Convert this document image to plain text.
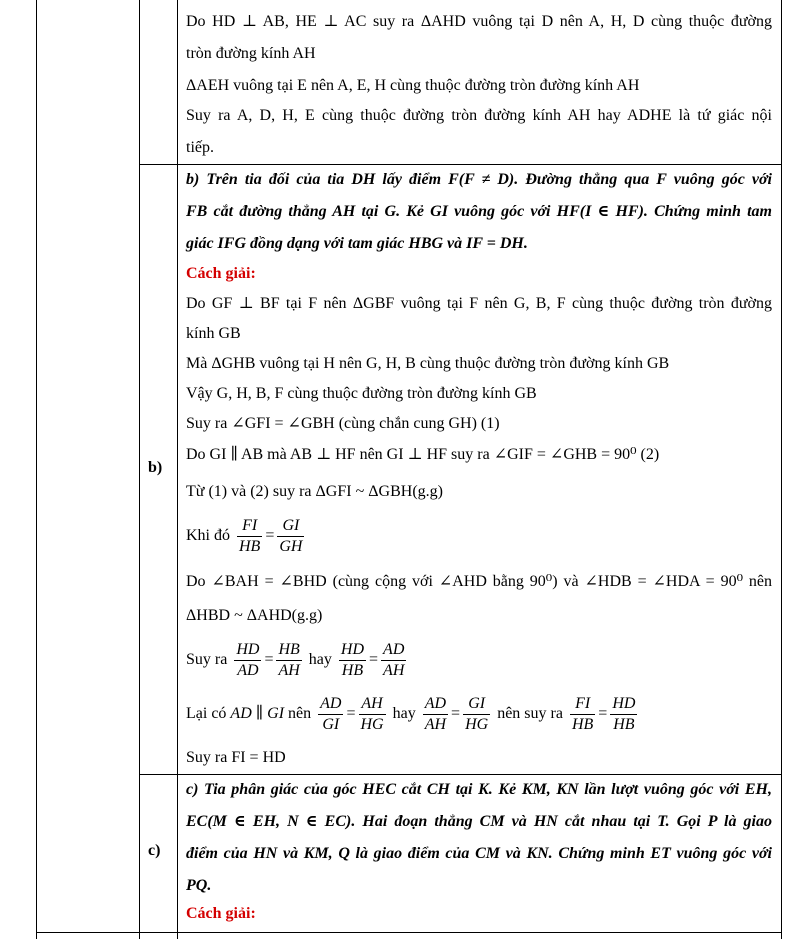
Do HD ⊥ AB, HE ⊥ AC suy ra ΔAHD vuông tại D nên A, H, D cùng thuộc đường
tròn đường kính AH
ΔAEH vuông tại E nên A, E, H cùng thuộc đường tròn đường kính AH
Suy ra A, D, H, E cùng thuộc đường tròn đường kính AH hay ADHE là tứ giác nội
tiếp.
b)
b) Trên tia đối của tia DH lấy điểm F(F ≠ D). Đường thẳng qua F vuông góc với
FB cắt đường thẳng AH tại G. Kẻ GI vuông góc với HF(I ∈ HF). Chứng minh tam
giác IFG đồng dạng với tam giác HBG và IF = DH.
Cách giải:
Do GF ⊥ BF tại F nên ΔGBF vuông tại F nên G, B, F cùng thuộc đường tròn đường
kính GB
Mà ΔGHB vuông tại H nên G, H, B cùng thuộc đường tròn đường kính GB
Vậy G, H, B, F cùng thuộc đường tròn đường kính GB
Suy ra ∠GFI = ∠GBH (cùng chắn cung GH) (1)
Do GI ∥ AB mà AB ⊥ HF nên GI ⊥ HF suy ra ∠GIF = ∠GHB = 90⁰ (2)
Từ (1) và (2) suy ra ΔGFI ~ ΔGBH(g.g)
Khi đó $\frac{FI}{HB} = \frac{GI}{GH}$
Do ∠BAH = ∠BHD (cùng cộng với ∠AHD bằng 90⁰) và ∠HDB = ∠HDA = 90⁰ nên
ΔHBD ~ ΔAHD(g.g)
Suy ra $\frac{HD}{AD} = \frac{HB}{AH}$ hay $\frac{HD}{HB} = \frac{AD}{AH}$
Lại có AD ∥ GI nên $\frac{AD}{GI} = \frac{AH}{HG}$ hay $\frac{AD}{AH} = \frac{GI}{HG}$ nên suy ra $\frac{FI}{HB} = \frac{HD}{HB}$
Suy ra FI = HD
c)
c) Tia phân giác của góc HEC cắt CH tại K. Kẻ KM, KN lần lượt vuông góc với EH,
EC(M ∈ EH, N ∈ EC). Hai đoạn thẳng CM và HN cắt nhau tại T. Gọi P là giao
điểm của HN và KM, Q là giao điểm của CM và KN. Chứng minh ET vuông góc với
PQ.
Cách giải:
